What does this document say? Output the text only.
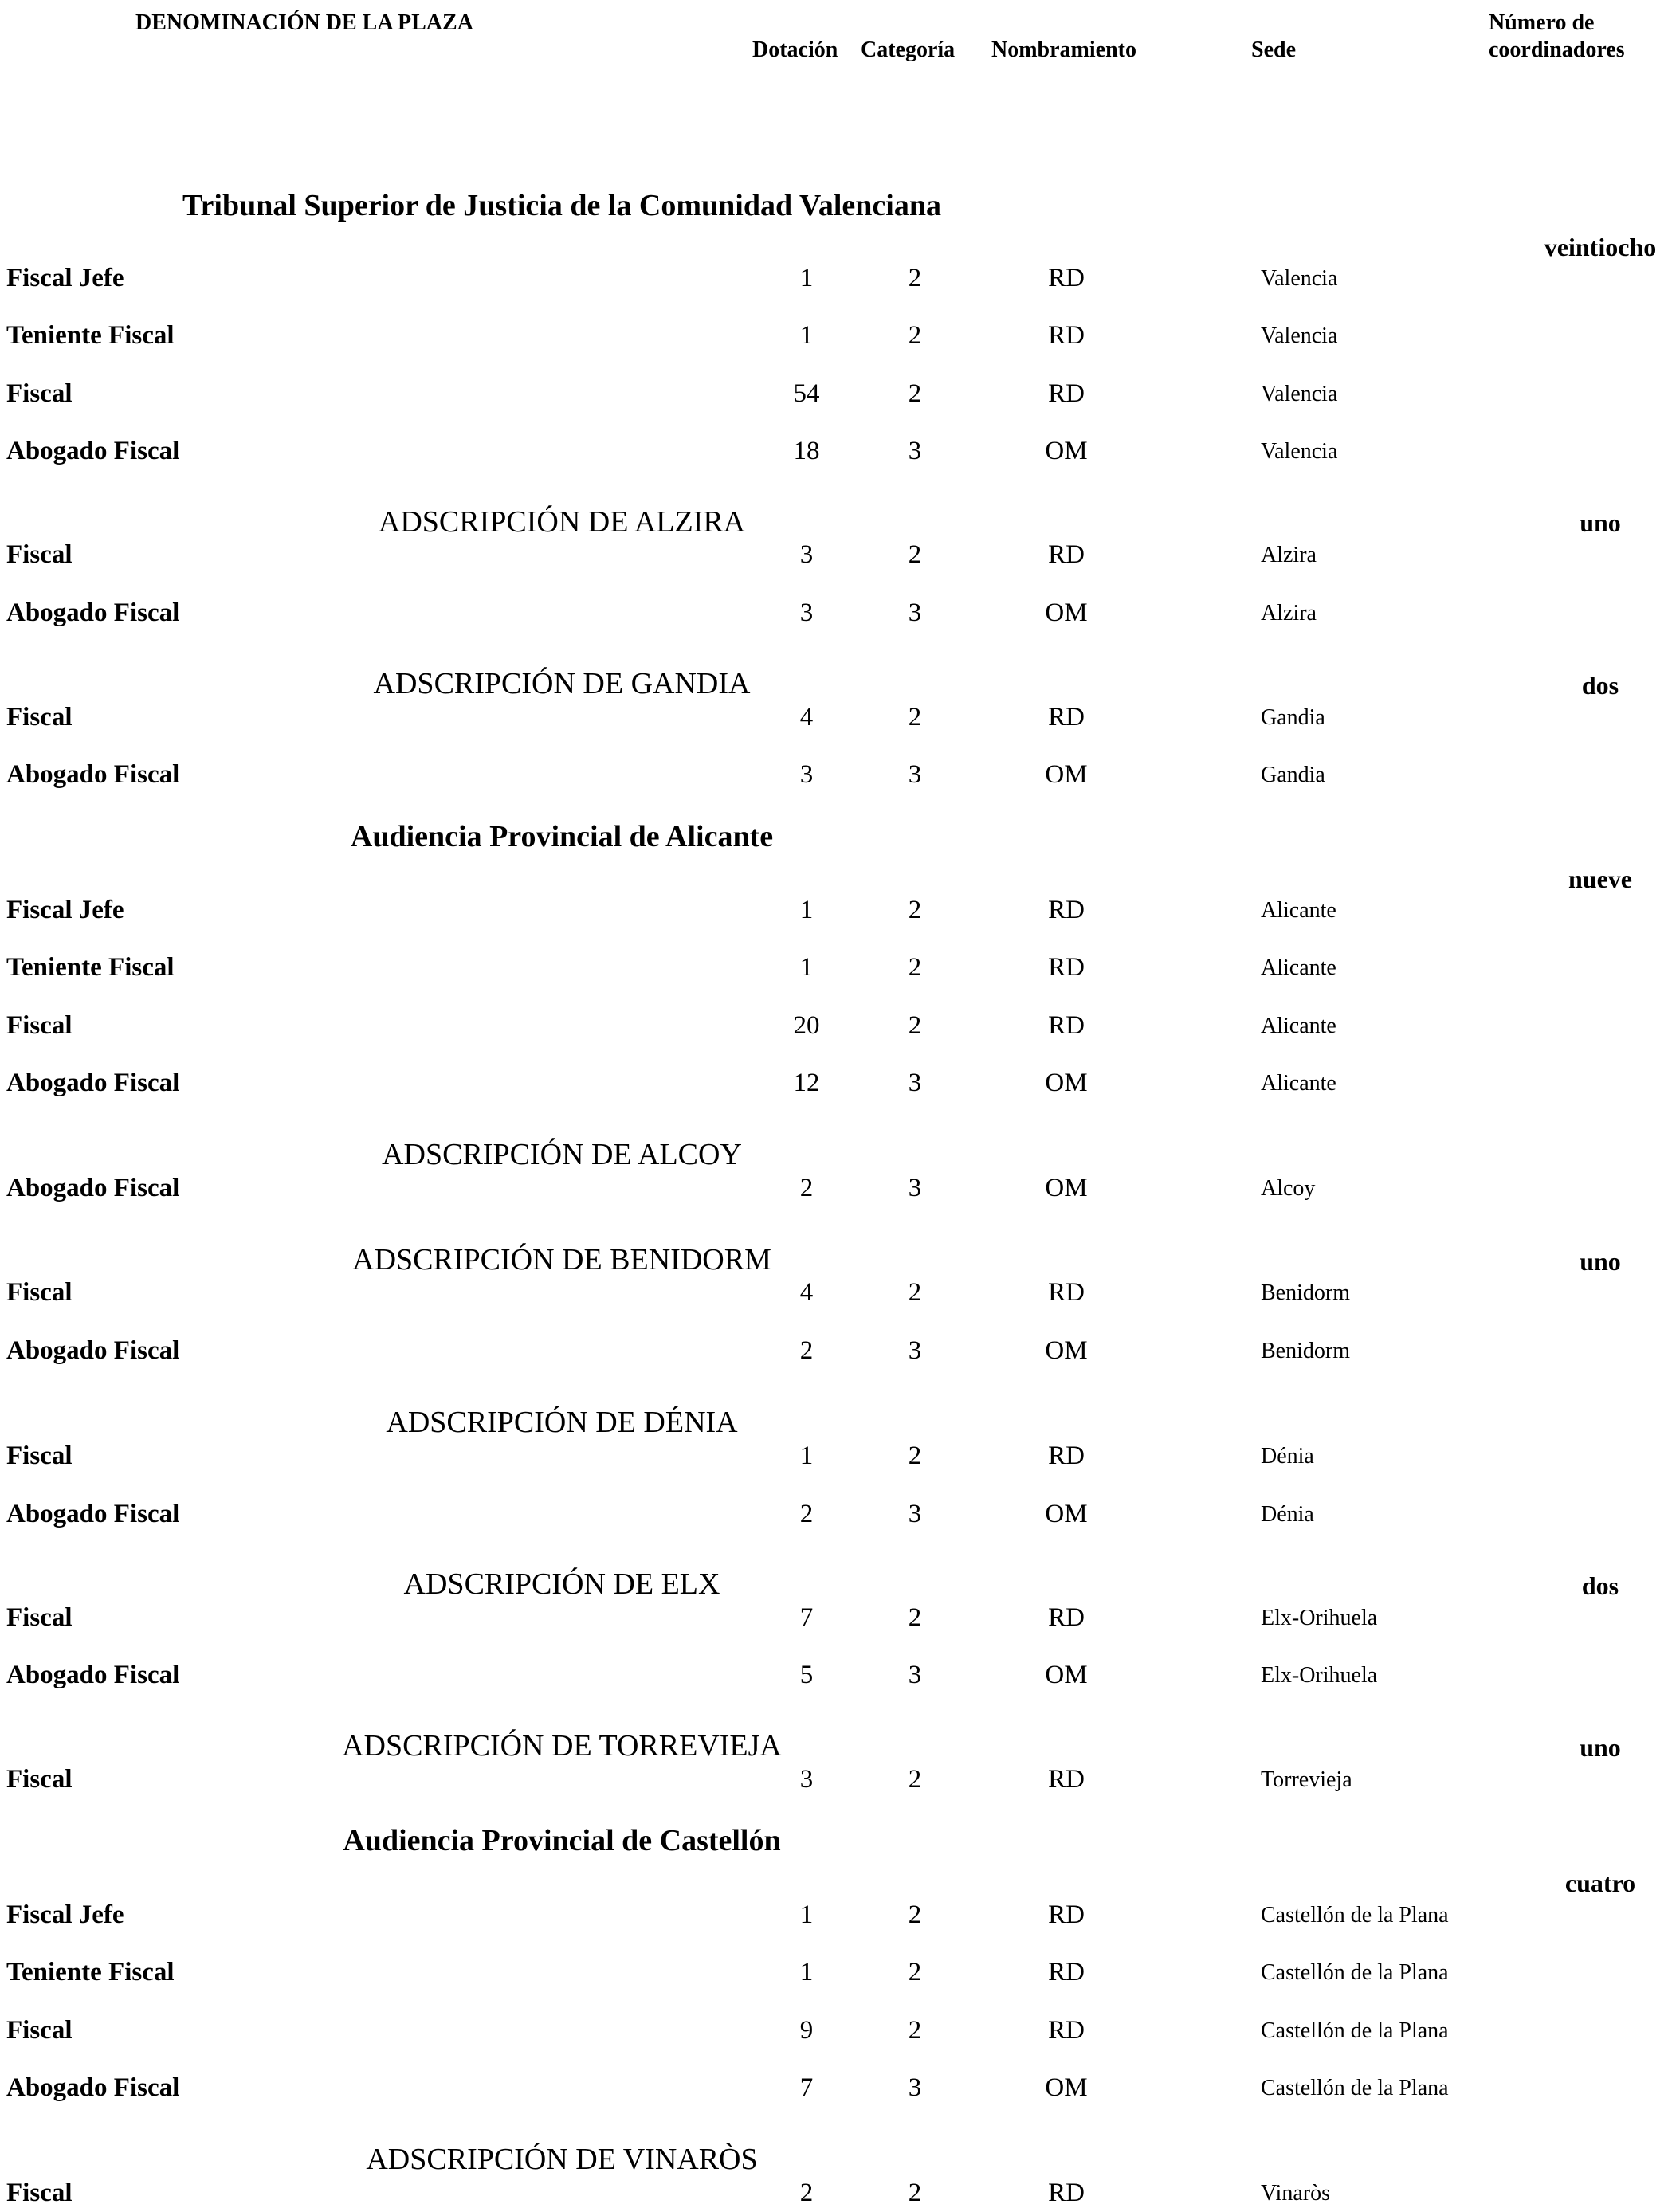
DENOMINACIÓN DE LA PLAZA
Dotación Categoría Nombramiento	Sede
Número de
coordinadores
Tribunal Superior de Justicia de la Comunidad Valenciana
veintiocho
Fiscal Jefe	1	2	RD	Valencia
Teniente Fiscal	1	2	RD	Valencia
Fiscal	54	2	RD	Valencia
Abogado Fiscal	18	3	OM	Valencia
ADSCRIPCIÓN DE ALZIRA	uno
Fiscal	3	2	RD	Alzira
Abogado Fiscal	3	3	OM	Alzira
ADSCRIPCIÓN DE GANDIA	dos
Fiscal	4	2	RD	Gandia
Abogado Fiscal	3	3	OM	Gandia
Audiencia Provincial de Alicante
nueve
Fiscal Jefe	1	2	RD	Alicante
Teniente Fiscal	1	2	RD	Alicante
Fiscal	20	2	RD	Alicante
Abogado Fiscal	12	3	OM	Alicante
ADSCRIPCIÓN DE ALCOY
Abogado Fiscal	2	3	OM	Alcoy
ADSCRIPCIÓN DE BENIDORM	uno
Fiscal	4	2	RD	Benidorm
Abogado Fiscal	2	3	OM	Benidorm
ADSCRIPCIÓN DE DÉNIA
Fiscal	1	2	RD	Dénia
Abogado Fiscal	2	3	OM	Dénia
ADSCRIPCIÓN DE ELX	dos
Fiscal	7	2	RD	Elx-Orihuela
Abogado Fiscal	5	3	OM	Elx-Orihuela
ADSCRIPCIÓN DE TORREVIEJA	uno
Fiscal	3	2	RD	Torrevieja
Audiencia Provincial de Castellón
cuatro
Fiscal Jefe	1	2	RD	Castellón de la Plana
Teniente Fiscal	1	2	RD	Castellón de la Plana
Fiscal	9	2	RD	Castellón de la Plana
Abogado Fiscal	7	3	OM	Castellón de la Plana
ADSCRIPCIÓN DE VINARÒS
Fiscal	2	2	RD	Vinaròs
